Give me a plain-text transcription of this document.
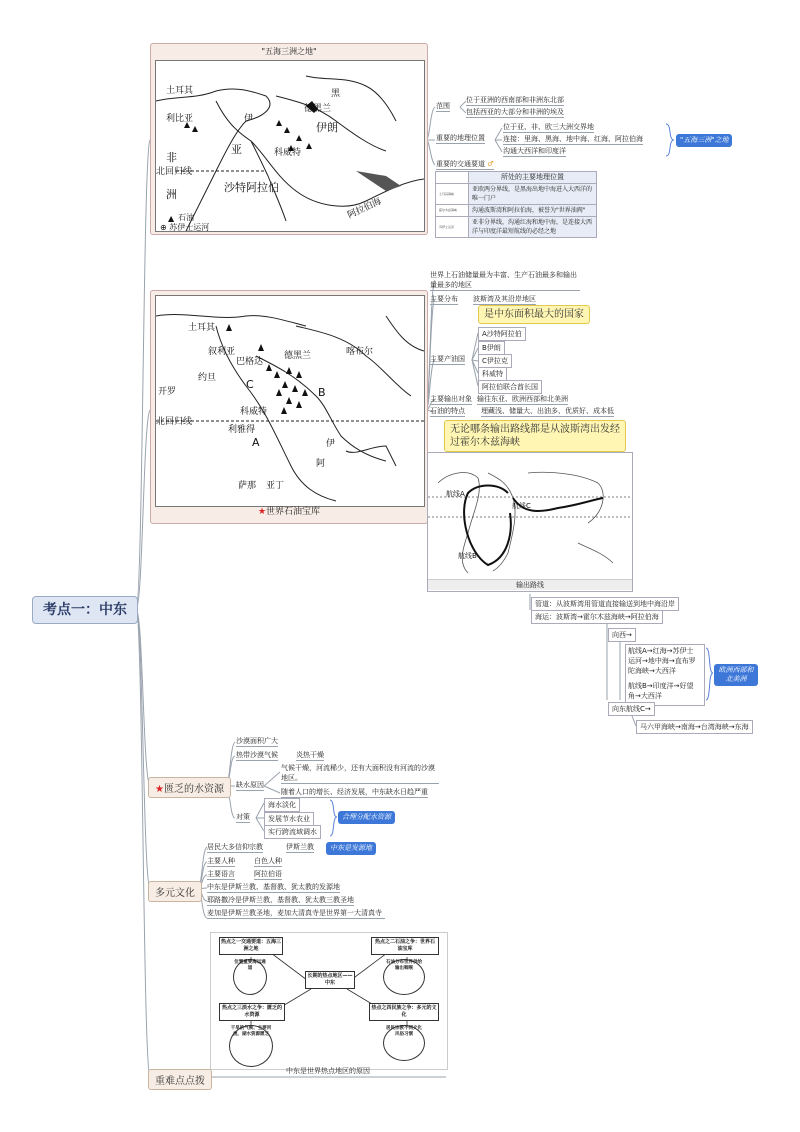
考点一：中东
"五海三洲之地"
▲
土耳其
伊朗
黑
伊
利比亚
科威特
亚
非
沙特阿拉伯
北回归线
洲
阿拉伯海
德黑兰
石油
⊕ 苏伊士运河
范围
位于亚洲的西南部和非洲东北部
包括西亚的大部分和非洲的埃及
重要的地理位置
位于亚、非、欧三大洲交界地
连接：里海、黑海、地中海、红海、阿拉伯海
沟通大西洋和印度洋
"五海三洲"之地
重要的交通要道 ♂
	所处的主要地理位置
土耳其海峡	亚欧两分界线，是黑海出地中海进入大西洋的唯一门户
霍尔木兹海峡	沟通波斯湾和阿拉伯海，被誉为"世界油阀"
苏伊士运河	亚非分界线，沟通红海和地中海，是连接大西洋与印度洋最短航线的必经之地
土耳其
德黑兰	喀布尔
叙利亚
巴格达
约旦
开罗	B
C
科威特
北回归线
利雅得
A	伊
萨那 亚丁
阿
★世界石油宝库
世界上石油储量最为丰富、生产石油最多和输出量最多的地区
主要分布 波斯湾及其沿岸地区
是中东面积最大的国家
主要产油国
A沙特阿拉伯
B伊朗
C伊拉克
科威特
阿拉伯联合酋长国
主要输出对象 输往东亚、欧洲西部和北美洲
石油的特点 埋藏浅、储量大、出油多、优质好、成本低
无论哪条输出路线都是从波斯湾出发经过霍尔木兹海峡
航线A
航线C
航线B
输出路线
管道：从波斯湾用管道直接输送到地中海沿岸
海运：波斯湾→霍尔木兹海峡→阿拉伯海
向西→
航线A→红海→苏伊士运河→地中海→直布罗陀海峡→大西洋
航线B→印度洋→好望角→大西洋
欧洲西部和北美洲
向东航线C→
马六甲海峡→南海→台湾海峡→东海
★匮乏的水资源
沙漠面积广大
热带沙漠气候	炎热干燥
缺水原因
气候干燥，河流稀少，还有大面积没有河流的沙漠地区。
随着人口的增长、经济发展，中东缺水日趋严重
对策
海水淡化
发展节水农业
实行跨流域调水
合理分配水资源
多元文化
居民大多信仰宗教	伊斯兰教	中东是发源地
主要人种	白色人种
主要语言	阿拉伯语
中东是伊斯兰教、基督教、犹太教的发源地
耶路撒冷是伊斯兰教、基督教、犹太教三教圣地
麦加是伊斯兰教圣地，麦加大清真寺是世界第一大清真寺
热点之一交通要道：五海三洲之地
热点之二石油之争：世界石油宝库
长期的热点地区——中东
热点之三淡水之争：匮乏的水资源
热点之四民族之争：多元的文化
位置重要海运通道
石油分布世界供给输出咽喉
干旱的气候、主要河流、湖水资源匮乏
居民宗教不同文化风俗习惯
重难点点拨
中东是世界热点地区的原因
